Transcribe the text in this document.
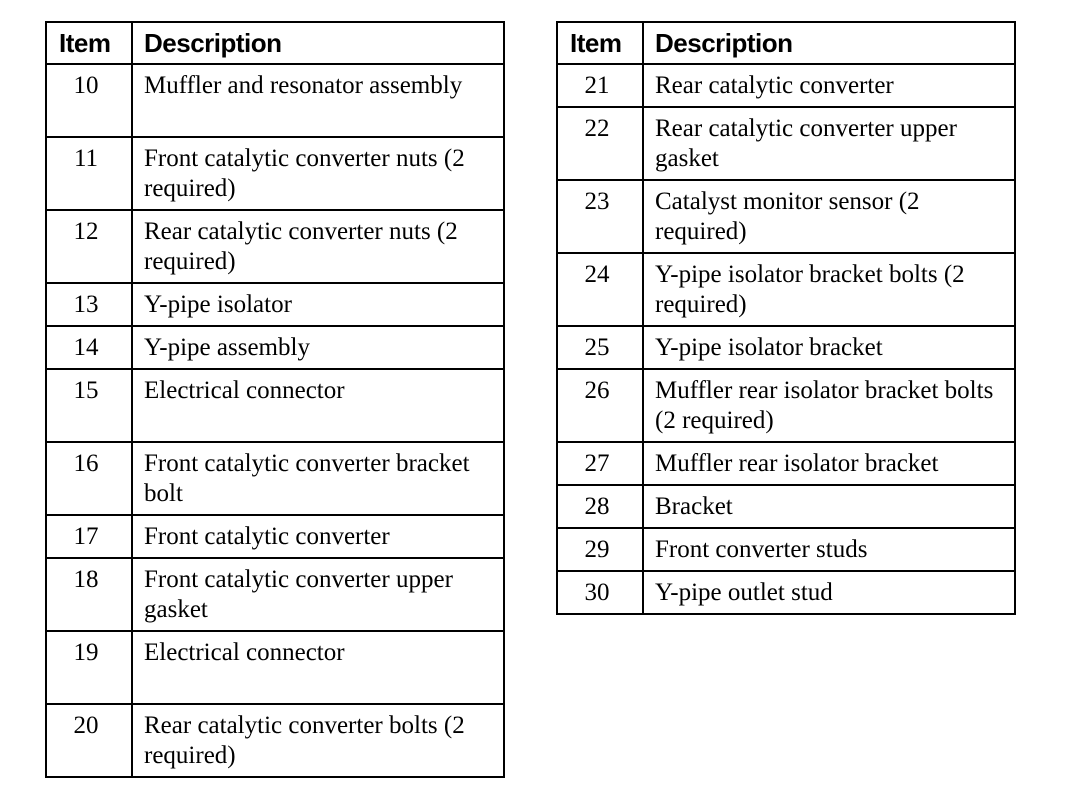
Item	Description
10	Muffler and resonator assembly
11	Front catalytic converter nuts (2 required)
12	Rear catalytic converter nuts (2 required)
13	Y-pipe isolator
14	Y-pipe assembly
15	Electrical connector
16	Front catalytic converter bracket bolt
17	Front catalytic converter
18	Front catalytic converter upper gasket
19	Electrical connector
20	Rear catalytic converter bolts (2 required)
Item	Description
21	Rear catalytic converter
22	Rear catalytic converter upper gasket
23	Catalyst monitor sensor (2 required)
24	Y-pipe isolator bracket bolts (2 required)
25	Y-pipe isolator bracket
26	Muffler rear isolator bracket bolts (2 required)
27	Muffler rear isolator bracket
28	Bracket
29	Front converter studs
30	Y-pipe outlet stud
